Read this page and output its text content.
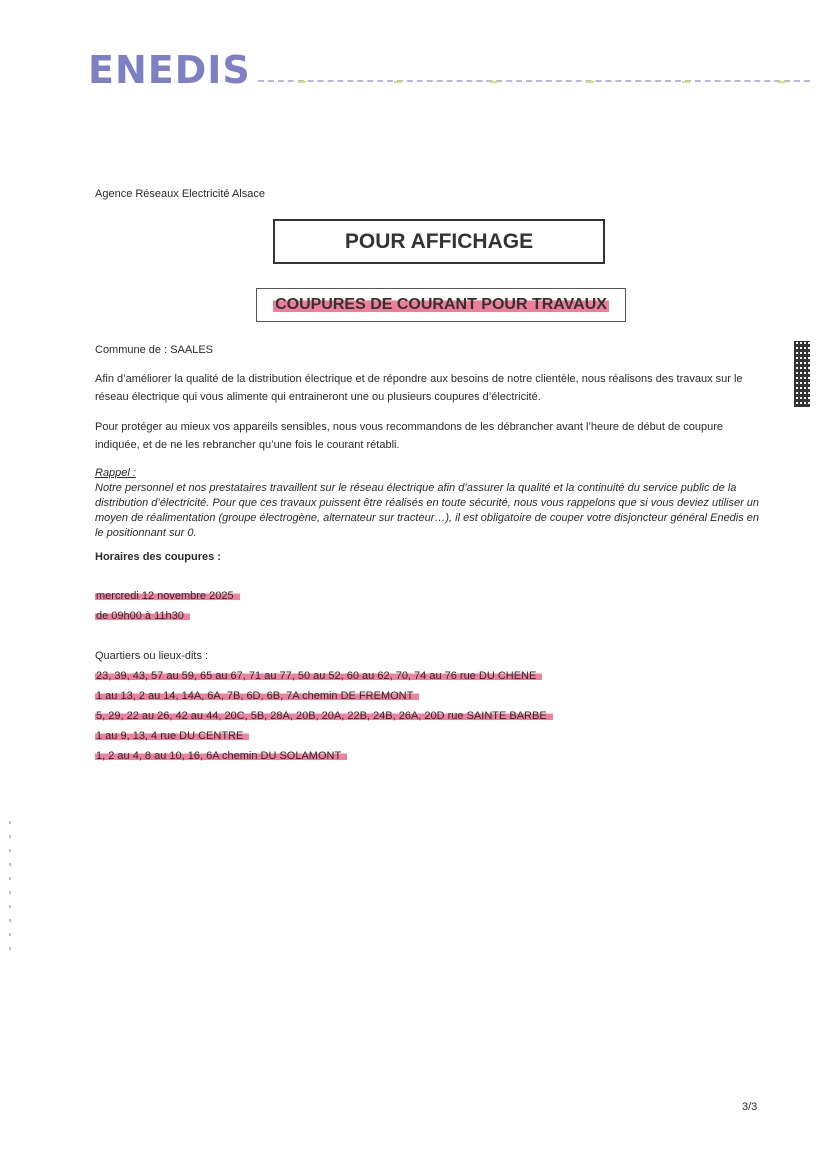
ENEDIS
Agence Réseaux Electricité Alsace
POUR AFFICHAGE
COUPURES DE COURANT POUR TRAVAUX
Commune de : SAALES
Afin d’améliorer la qualité de la distribution électrique et de répondre aux besoins de notre clientèle, nous réalisons des travaux sur le réseau électrique qui vous alimente qui entraineront une ou plusieurs coupures d’électricité.
Pour protéger au mieux vos appareils sensibles, nous vous recommandons de les débrancher avant l’heure de début de coupure indiquée, et de ne les rebrancher qu’une fois le courant rétabli.
Rappel :
Notre personnel et nos prestataires travaillent sur le réseau électrique afin d’assurer la qualité et la continuité du service public de la distribution d’électricité. Pour que ces travaux puissent être réalisés en toute sécurité, nous vous rappelons que si vous deviez utiliser un moyen de réalimentation (groupe électrogène, alternateur sur tracteur…), il est obligatoire de couper votre disjoncteur général Enedis en le positionnant sur 0.
Horaires des coupures :
mercredi 12 novembre 2025
de 09h00 à 11h30
Quartiers ou lieux-dits :
23, 39, 43, 57 au 59, 65 au 67, 71 au 77, 50 au 52, 60 au 62, 70, 74 au 76 rue DU CHENE
1 au 13, 2 au 14, 14A, 6A, 7B, 6D, 6B, 7A chemin DE FREMONT
5, 29, 22 au 26, 42 au 44, 20C, 5B, 28A, 20B, 20A, 22B, 24B, 26A, 20D rue SAINTE BARBE
1 au 9, 13, 4 rue DU CENTRE
1, 2 au 4, 8 au 10, 16, 6A chemin DU SOLAMONT
3/3
